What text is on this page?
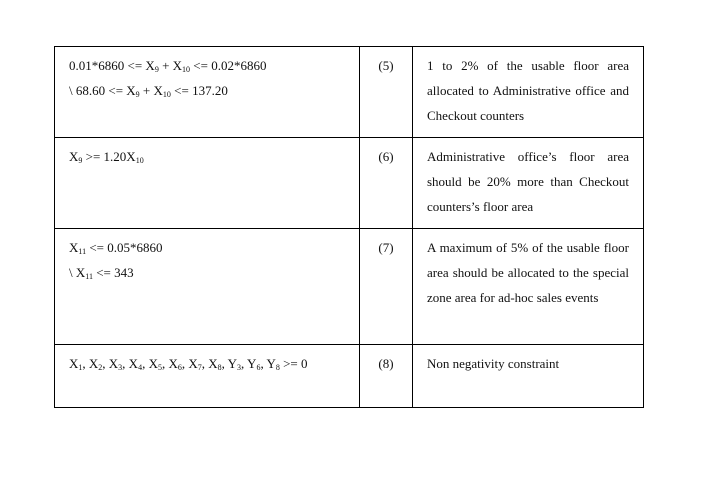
$0.01*6860 <= X_9 + X_{10} <= 0.02*6860$
\ $68.60 <= X_9 + X_{10} <= 137.20$	(5)	1 to 2% of the usable floor area allocated to Administrative office and Checkout counters

$X_9 >= 1.20X_{10}$	(6)	Administrative office’s floor area should be 20% more than Checkout counters’s floor area

$X_{11} <= 0.05*6860$
\ $X_{11} <= 343$	(7)	A maximum of 5% of the usable floor area should be allocated to the special zone area for ad-hoc sales events

$X_1$, $X_2$, $X_3$, $X_4$, $X_5$, $X_6$, $X_7$, $X_8$, $Y_3$, $Y_6$, $Y_8 >= 0$	(8)	Non negativity constraint
